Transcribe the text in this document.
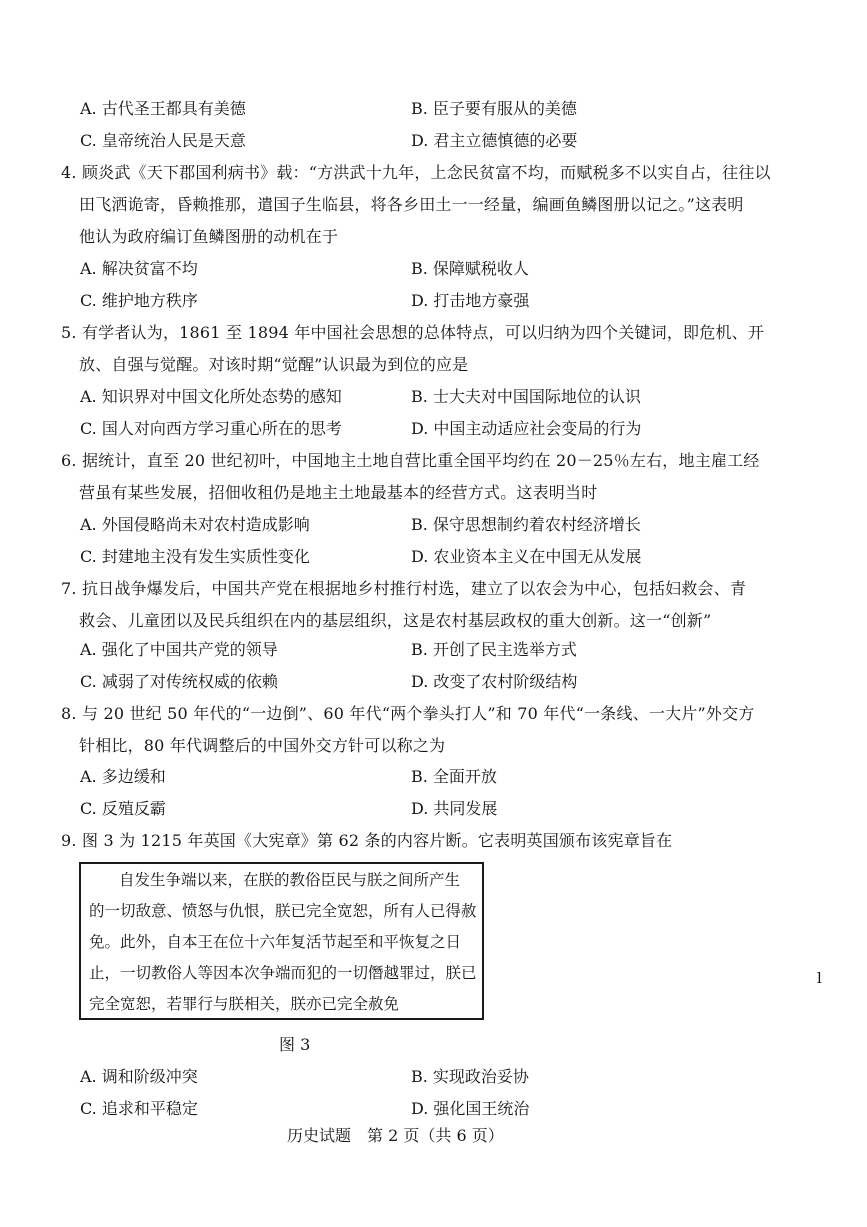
A. 古代圣王都具有美德	B. 臣子要有服从的美德
C. 皇帝统治人民是天意	D. 君主立德慎德的必要
4. 顾炎武《天下郡国利病书》载：“方洪武十九年，上念民贫富不均，而赋税多不以实自占，往往以
田飞洒诡寄，昏赖推那，遣国子生临县，将各乡田土一一经量，编画鱼鳞图册以记之。”这表明
他认为政府编订鱼鳞图册的动机在于
A. 解决贫富不均	B. 保障赋税收人
C. 维护地方秩序	D. 打击地方豪强
5. 有学者认为，1861 至 1894 年中国社会思想的总体特点，可以归纳为四个关键词，即危机、开
放、自强与觉醒。对该时期“觉醒”认识最为到位的应是
A. 知识界对中国文化所处态势的感知	B. 士大夫对中国国际地位的认识
C. 国人对向西方学习重心所在的思考	D. 中国主动适应社会变局的行为
6. 据统计，直至 20 世纪初叶，中国地主土地自营比重全国平均约在 20－25％左右，地主雇工经
营虽有某些发展，招佃收租仍是地主土地最基本的经营方式。这表明当时
A. 外国侵略尚未对农村造成影响	B. 保守思想制约着农村经济增长
C. 封建地主没有发生实质性变化	D. 农业资本主义在中国无从发展
7. 抗日战争爆发后，中国共产党在根据地乡村推行村选，建立了以农会为中心，包括妇救会、青
救会、儿童团以及民兵组织在内的基层组织，这是农村基层政权的重大创新。这一“创新”
A. 强化了中国共产党的领导	B. 开创了民主选举方式
C. 减弱了对传统权威的依赖	D. 改变了农村阶级结构
8. 与 20 世纪 50 年代的“一边倒”、60 年代“两个拳头打人”和 70 年代“一条线、一大片”外交方
针相比，80 年代调整后的中国外交方针可以称之为
A. 多边缓和	B. 全面开放
C. 反殖反霸	D. 共同发展
9. 图 3 为 1215 年英国《大宪章》第 62 条的内容片断。它表明英国颁布该宪章旨在
自发生争端以来，在朕的教俗臣民与朕之间所产生
的一切敌意、愤怒与仇恨，朕已完全宽恕，所有人已得赦
免。此外，自本王在位十六年复活节起至和平恢复之日
止，一切教俗人等因本次争端而犯的一切僭越罪过，朕已
完全宽恕，若罪行与朕相关，朕亦已完全赦免
图 3
A. 调和阶级冲突	B. 实现政治妥协
C. 追求和平稳定	D. 强化国王统治
l
历史试题　第 2 页（共 6 页）
